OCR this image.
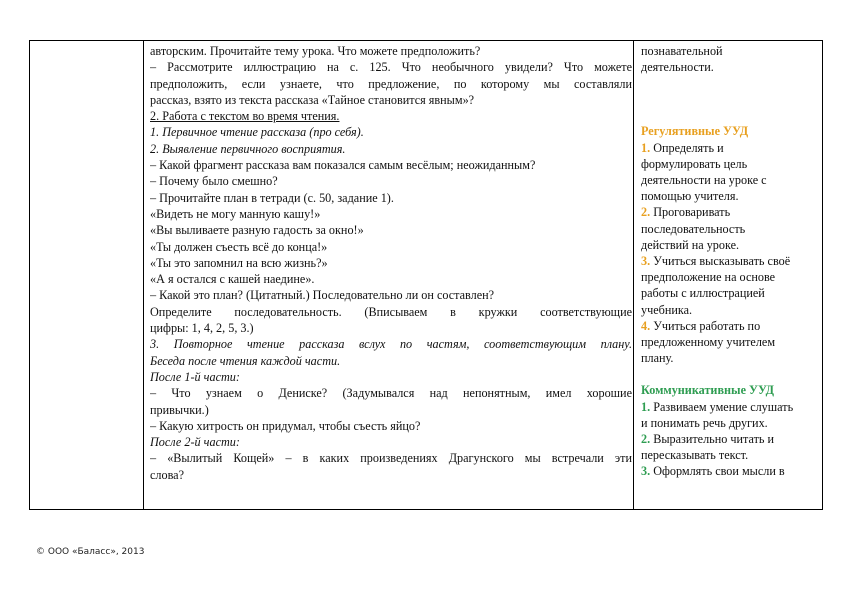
авторским. Прочитайте тему урока. Что можете предположить?
– Рассмотрите иллюстрацию на с. 125. Что необычного увидели? Что можете
предположить, если узнаете, что предложение, по которому мы составляли
рассказ, взято из текста рассказа «Тайное становится явным»?
2. Работа с текстом во время чтения.
1. Первичное чтение рассказа (про себя).
2. Выявление первичного восприятия.
– Какой фрагмент рассказа вам показался самым весёлым; неожиданным?
– Почему было смешно?
– Прочитайте план в тетради (с. 50, задание 1).
«Видеть не могу манную кашу!»
«Вы выливаете разную гадость за окно!»
«Ты должен съесть всё до конца!»
«Ты это запомнил на всю жизнь?»
«А я остался с кашей наедине».
– Какой это план? (Цитатный.) Последовательно ли он составлен?
Определите последовательность. (Вписываем в кружки соответствующие
цифры: 1, 4, 2, 5, 3.)
3. Повторное чтение рассказа вслух по частям, соответствующим плану.
Беседа после чтения каждой части.
После 1-й части:
– Что узнаем о Дениске? (Задумывался над непонятным, имел хорошие
привычки.)
– Какую хитрость он придумал, чтобы съесть яйцо?
После 2-й части:
– «Вылитый Кощей» – в каких произведениях Драгунского мы встречали эти
слова?
познавательной
деятельности.
Регулятивные УУД
1. Определять и
формулировать цель
деятельности на уроке с
помощью учителя.
2. Проговаривать
последовательность
действий на уроке.
3. Учиться высказывать своё
предположение на основе
работы с иллюстрацией
учебника.
4. Учиться работать по
предложенному учителем
плану.
Коммуникативные УУД
1. Развиваем умение слушать
и понимать речь других.
2. Выразительно читать и
пересказывать текст.
3. Оформлять свои мысли в
© ООО «Баласс», 2013
